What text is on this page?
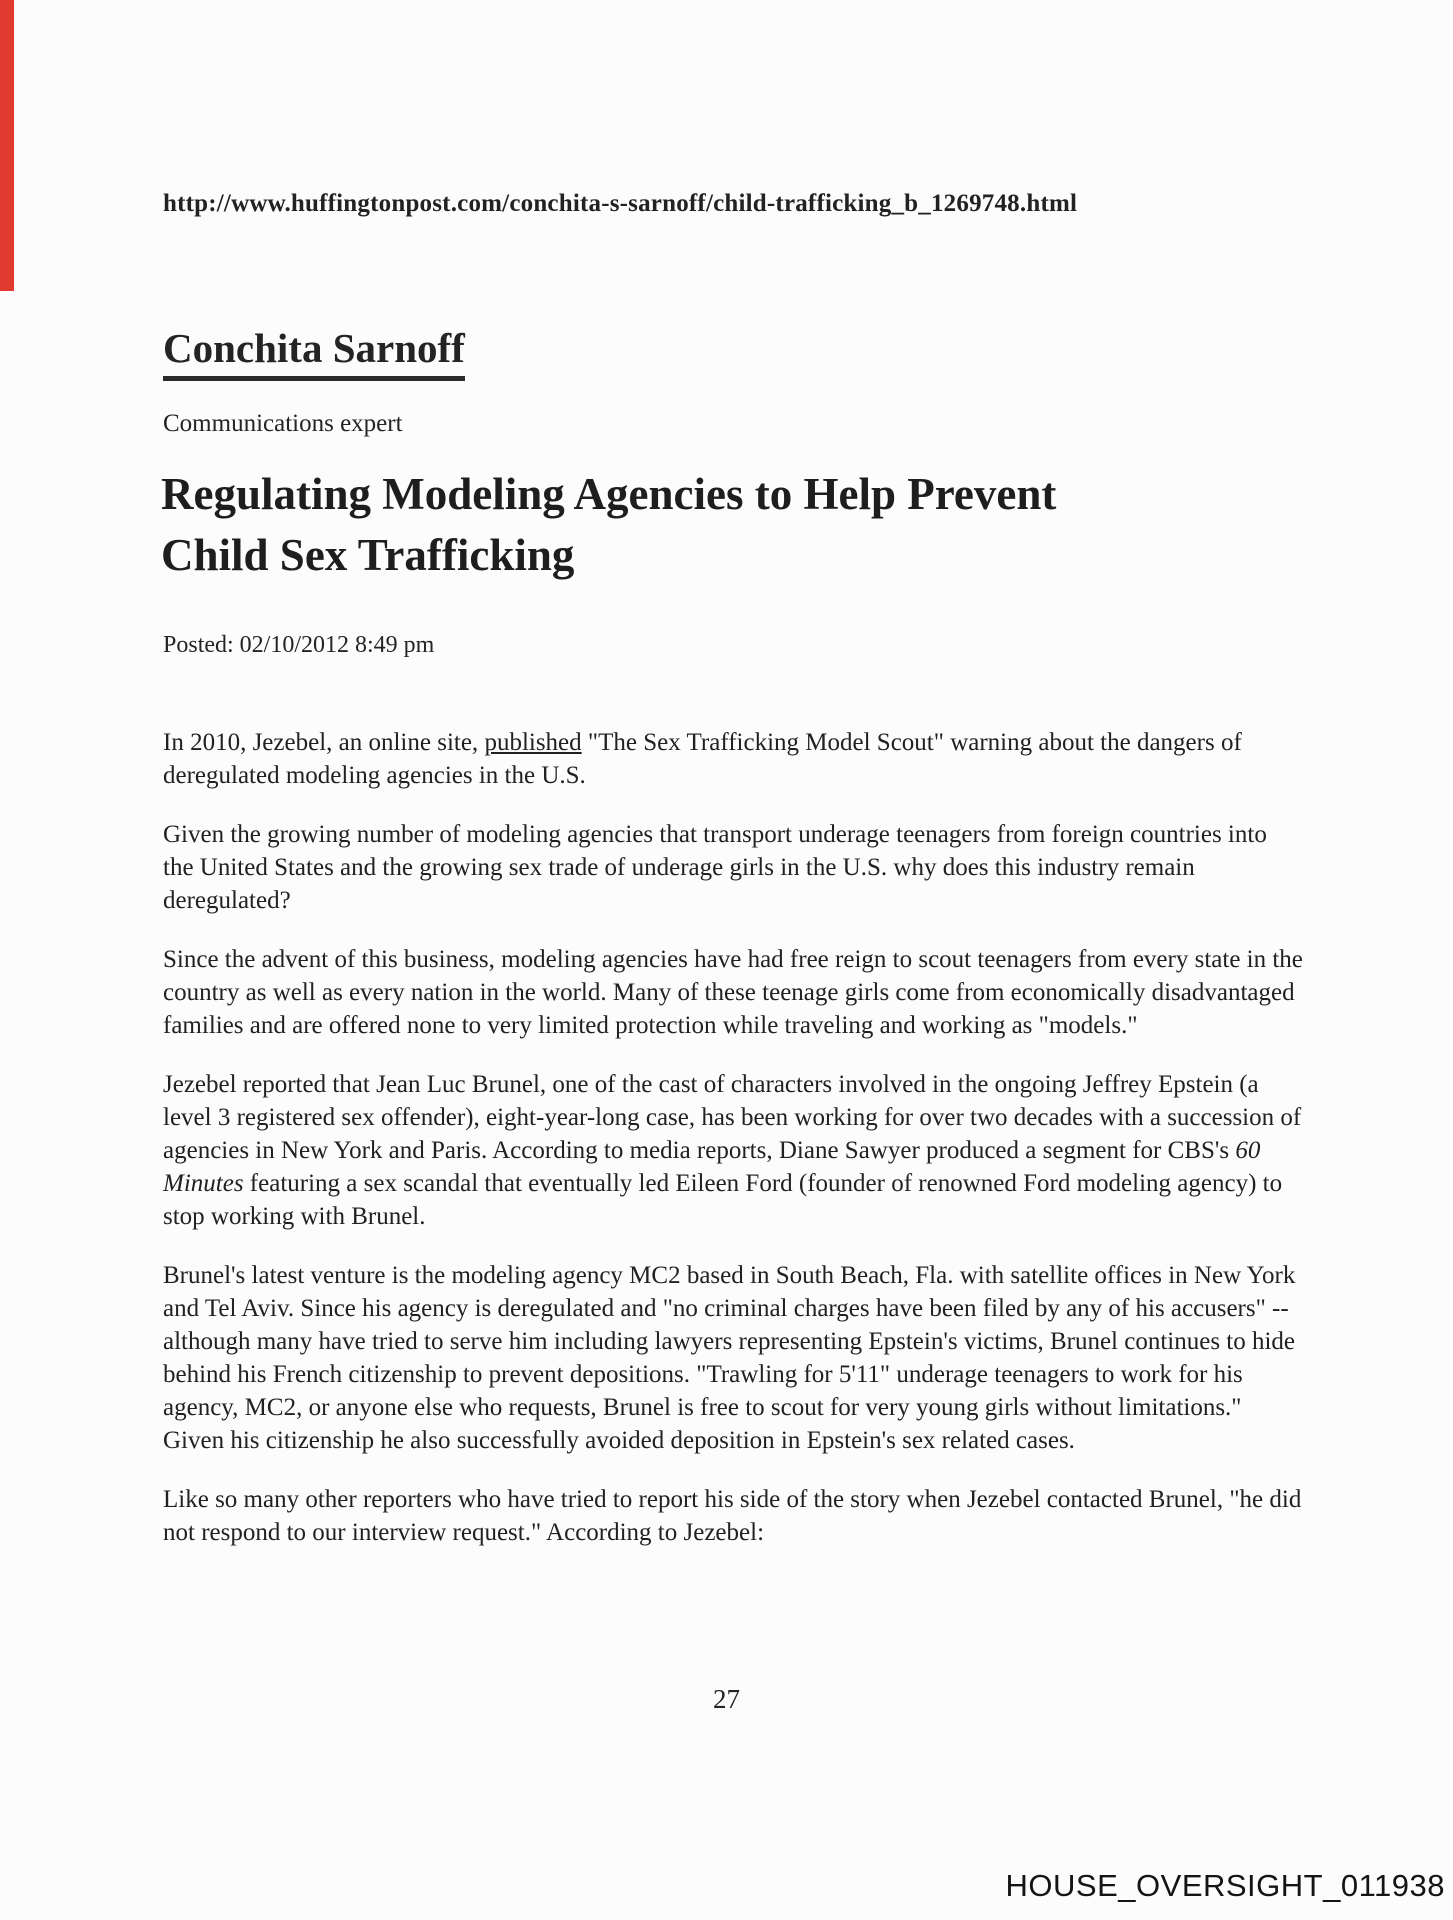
http://www.huffingtonpost.com/conchita-s-sarnoff/child-trafficking_b_1269748.html
Conchita Sarnoff
Communications expert
Regulating Modeling Agencies to Help Prevent Child Sex Trafficking
Posted: 02/10/2012 8:49 pm

In 2010, Jezebel, an online site, published "The Sex Trafficking Model Scout" warning about the dangers of deregulated modeling agencies in the U.S.

Given the growing number of modeling agencies that transport underage teenagers from foreign countries into the United States and the growing sex trade of underage girls in the U.S. why does this industry remain deregulated?

Since the advent of this business, modeling agencies have had free reign to scout teenagers from every state in the country as well as every nation in the world. Many of these teenage girls come from economically disadvantaged families and are offered none to very limited protection while traveling and working as "models."

Jezebel reported that Jean Luc Brunel, one of the cast of characters involved in the ongoing Jeffrey Epstein (a level 3 registered sex offender), eight-year-long case, has been working for over two decades with a succession of agencies in New York and Paris. According to media reports, Diane Sawyer produced a segment for CBS's 60 Minutes featuring a sex scandal that eventually led Eileen Ford (founder of renowned Ford modeling agency) to stop working with Brunel.

Brunel's latest venture is the modeling agency MC2 based in South Beach, Fla. with satellite offices in New York and Tel Aviv. Since his agency is deregulated and "no criminal charges have been filed by any of his accusers" -- although many have tried to serve him including lawyers representing Epstein's victims, Brunel continues to hide behind his French citizenship to prevent depositions. "Trawling for 5'11" underage teenagers to work for his agency, MC2, or anyone else who requests, Brunel is free to scout for very young girls without limitations." Given his citizenship he also successfully avoided deposition in Epstein's sex related cases.

Like so many other reporters who have tried to report his side of the story when Jezebel contacted Brunel, "he did not respond to our interview request." According to Jezebel:

27
HOUSE_OVERSIGHT_011938
